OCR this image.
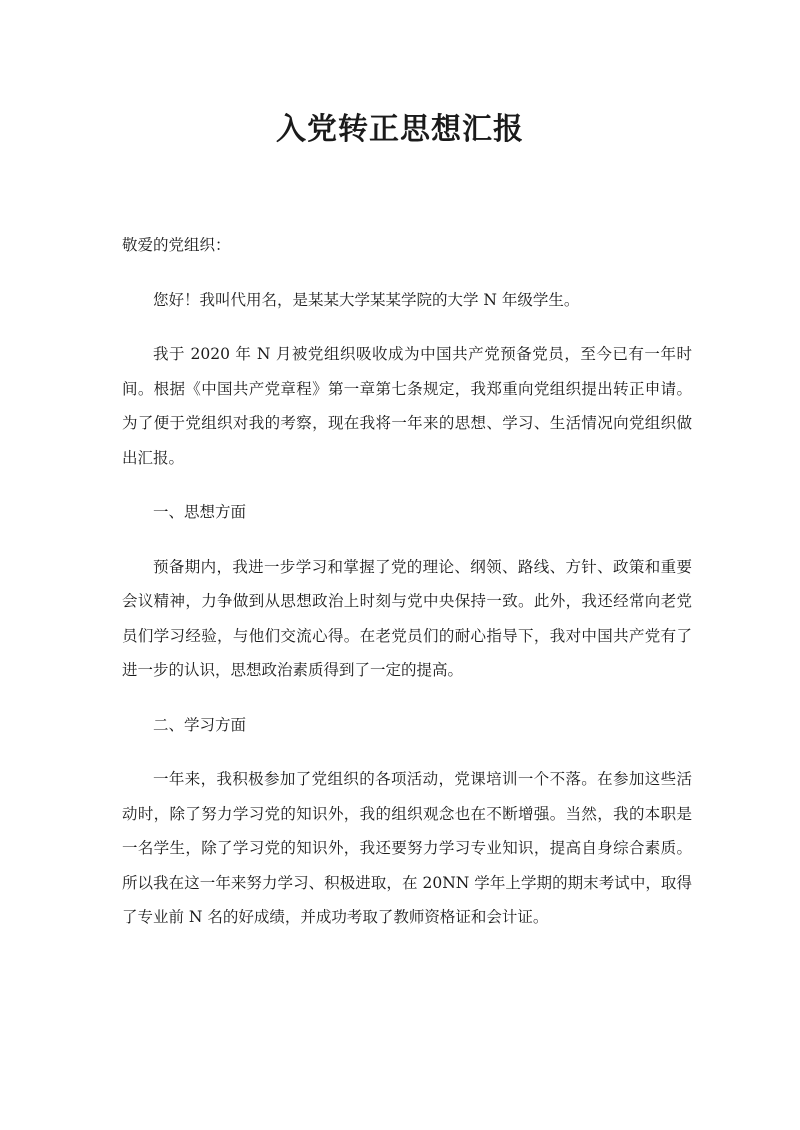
入党转正思想汇报

敬爱的党组织：

您好！我叫代用名，是某某大学某某学院的大学 N 年级学生。

我于 2020 年 N 月被党组织吸收成为中国共产党预备党员，至今已有一年时间。根据《中国共产党章程》第一章第七条规定，我郑重向党组织提出转正申请。为了便于党组织对我的考察，现在我将一年来的思想、学习、生活情况向党组织做出汇报。

一、思想方面

预备期内，我进一步学习和掌握了党的理论、纲领、路线、方针、政策和重要会议精神，力争做到从思想政治上时刻与党中央保持一致。此外，我还经常向老党员们学习经验，与他们交流心得。在老党员们的耐心指导下，我对中国共产党有了进一步的认识，思想政治素质得到了一定的提高。

二、学习方面

一年来，我积极参加了党组织的各项活动，党课培训一个不落。在参加这些活动时，除了努力学习党的知识外，我的组织观念也在不断增强。当然，我的本职是一名学生，除了学习党的知识外，我还要努力学习专业知识，提高自身综合素质。所以我在这一年来努力学习、积极进取，在 20NN 学年上学期的期末考试中，取得了专业前 N 名的好成绩，并成功考取了教师资格证和会计证。
